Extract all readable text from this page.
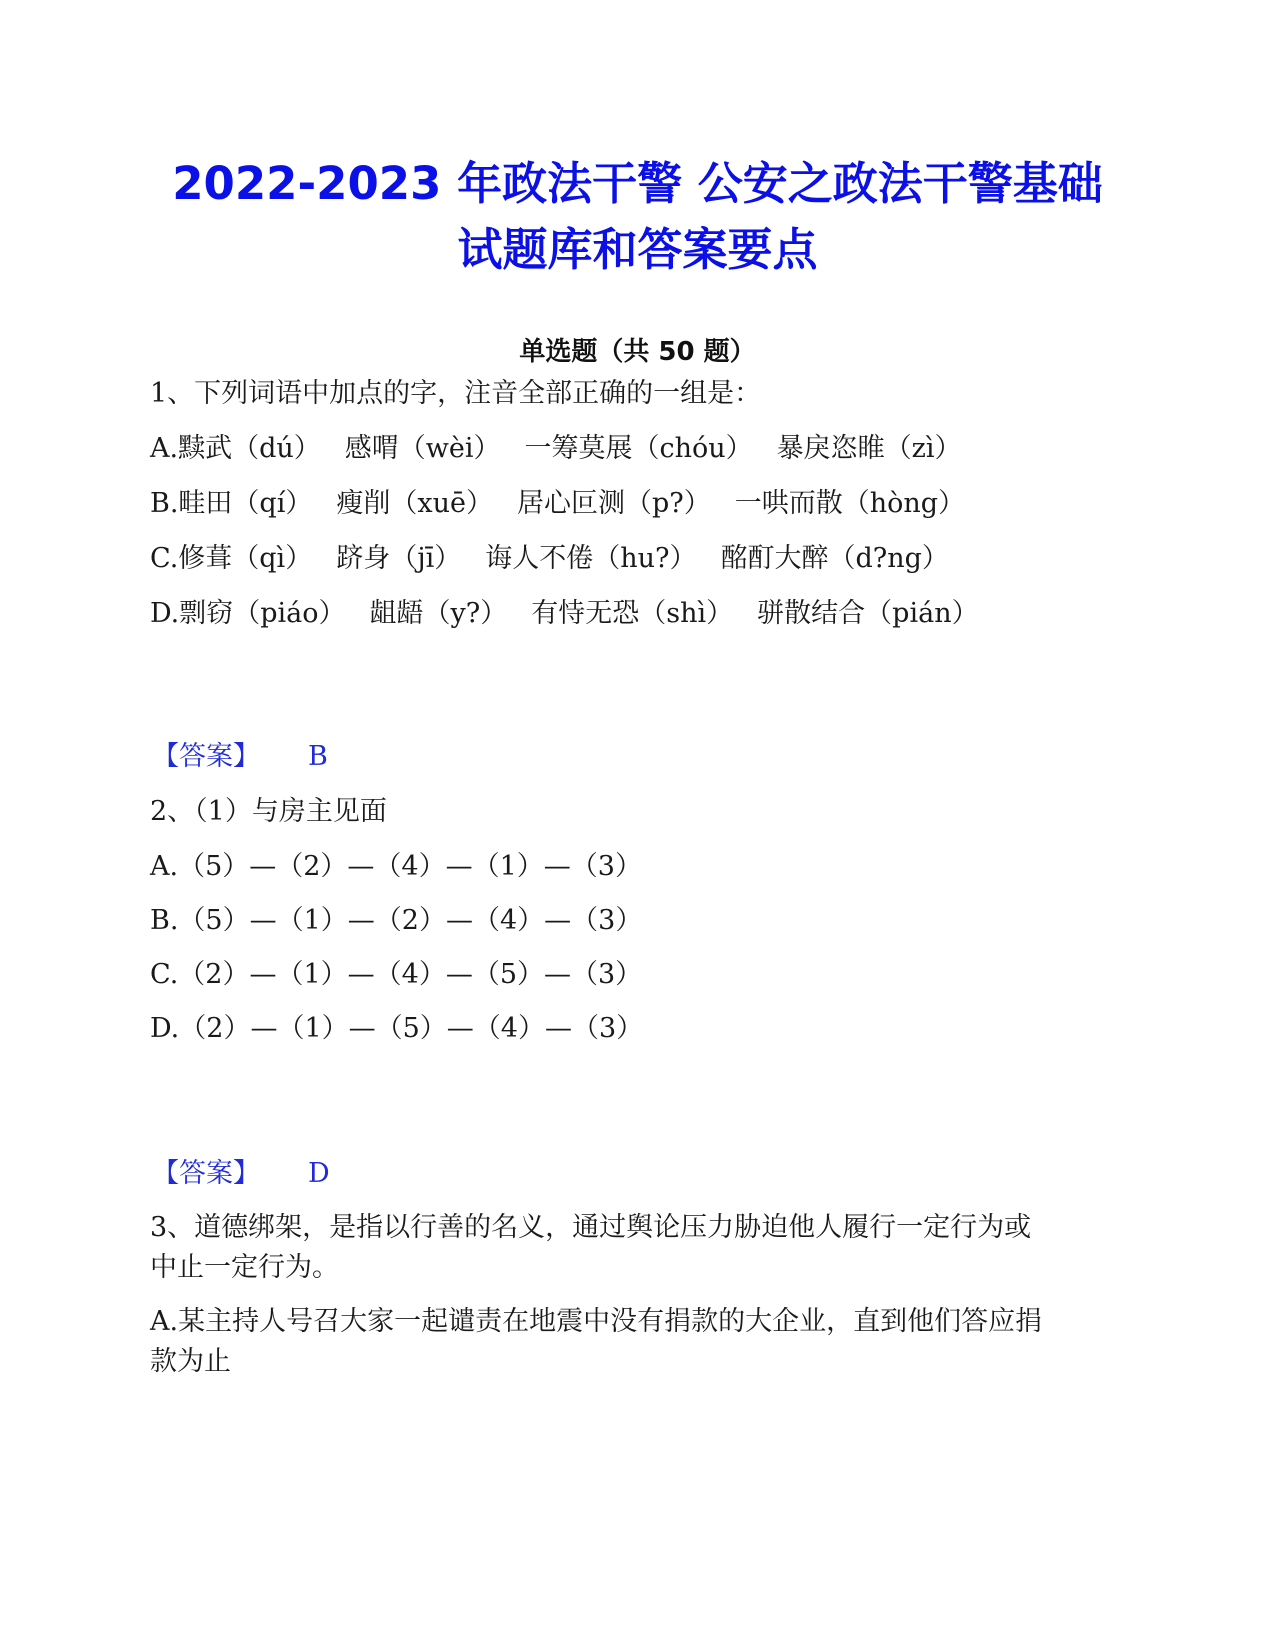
2022-2023 年政法干警 公安之政法干警基础
试题库和答案要点
单选题（共 50 题）
1、下列词语中加点的字，注音全部正确的一组是：
A.黩武（dú） 感喟（wèi） 一筹莫展（chóu） 暴戾恣睢（zì）
B.畦田（qí） 瘦削（xuē） 居心叵测（p?） 一哄而散（hòng）
C.修葺（qì） 跻身（jī） 诲人不倦（hu?） 酩酊大醉（d?ng）
D.剽窃（piáo） 龃龉（y?） 有恃无恐（shì） 骈散结合（pián）
【答案】 B
2、（1）与房主见面
A.（5）—（2）—（4）—（1）—（3）
B.（5）—（1）—（2）—（4）—（3）
C.（2）—（1）—（4）—（5）—（3）
D.（2）—（1）—（5）—（4）—（3）
【答案】 D
3、道德绑架，是指以行善的名义，通过舆论压力胁迫他人履行一定行为或
中止一定行为。
A.某主持人号召大家一起谴责在地震中没有捐款的大企业，直到他们答应捐
款为止
